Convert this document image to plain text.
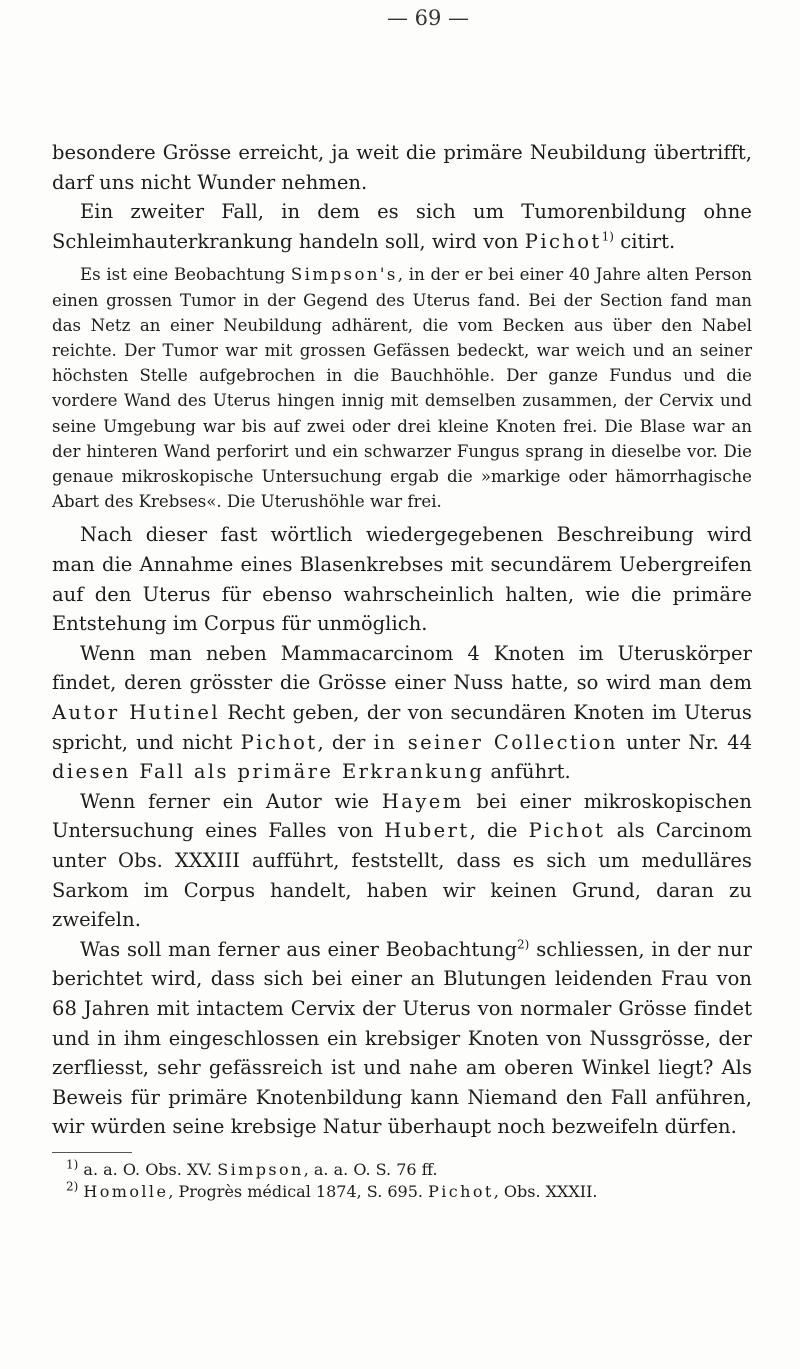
— 69 —

besondere Grösse erreicht, ja weit die primäre Neubildung übertrifft, darf uns nicht Wunder nehmen.

Ein zweiter Fall, in dem es sich um Tumorenbildung ohne Schleimhauterkrankung handeln soll, wird von Pichot$^{1)}$ citirt.

Es ist eine Beobachtung Simpson's, in der er bei einer 40 Jahre alten Person einen grossen Tumor in der Gegend des Uterus fand. Bei der Section fand man das Netz an einer Neubildung adhärent, die vom Becken aus über den Nabel reichte. Der Tumor war mit grossen Gefässen bedeckt, war weich und an seiner höchsten Stelle aufgebrochen in die Bauchhöhle. Der ganze Fundus und die vordere Wand des Uterus hingen innig mit demselben zusammen, der Cervix und seine Umgebung war bis auf zwei oder drei kleine Knoten frei. Die Blase war an der hinteren Wand perforirt und ein schwarzer Fungus sprang in dieselbe vor. Die genaue mikroskopische Untersuchung ergab die »markige oder hämorrhagische Abart des Krebses«. Die Uterushöhle war frei.

Nach dieser fast wörtlich wiedergegebenen Beschreibung wird man die Annahme eines Blasenkrebses mit secundärem Uebergreifen auf den Uterus für ebenso wahrscheinlich halten, wie die primäre Entstehung im Corpus für unmöglich.

Wenn man neben Mammacarcinom 4 Knoten im Uteruskörper findet, deren grösster die Grösse einer Nuss hatte, so wird man dem Autor Hutinel Recht geben, der von secundären Knoten im Uterus spricht, und nicht Pichot, der in seiner Collection unter Nr. 44 diesen Fall als primäre Erkrankung anführt.

Wenn ferner ein Autor wie Hayem bei einer mikroskopischen Untersuchung eines Falles von Hubert, die Pichot als Carcinom unter Obs. XXXIII aufführt, feststellt, dass es sich um medulläres Sarkom im Corpus handelt, haben wir keinen Grund, daran zu zweifeln.

Was soll man ferner aus einer Beobachtung$^{2)}$ schliessen, in der nur berichtet wird, dass sich bei einer an Blutungen leidenden Frau von 68 Jahren mit intactem Cervix der Uterus von normaler Grösse findet und in ihm eingeschlossen ein krebsiger Knoten von Nussgrösse, der zerfliesst, sehr gefässreich ist und nahe am oberen Winkel liegt? Als Beweis für primäre Knotenbildung kann Niemand den Fall anführen, wir würden seine krebsige Natur überhaupt noch bezweifeln dürfen.

$^{1)}$ a. a. O. Obs. XV. Simpson, a. a. O. S. 76 ff.
$^{2)}$ Homolle, Progrès médical 1874, S. 695. Pichot, Obs. XXXII.
